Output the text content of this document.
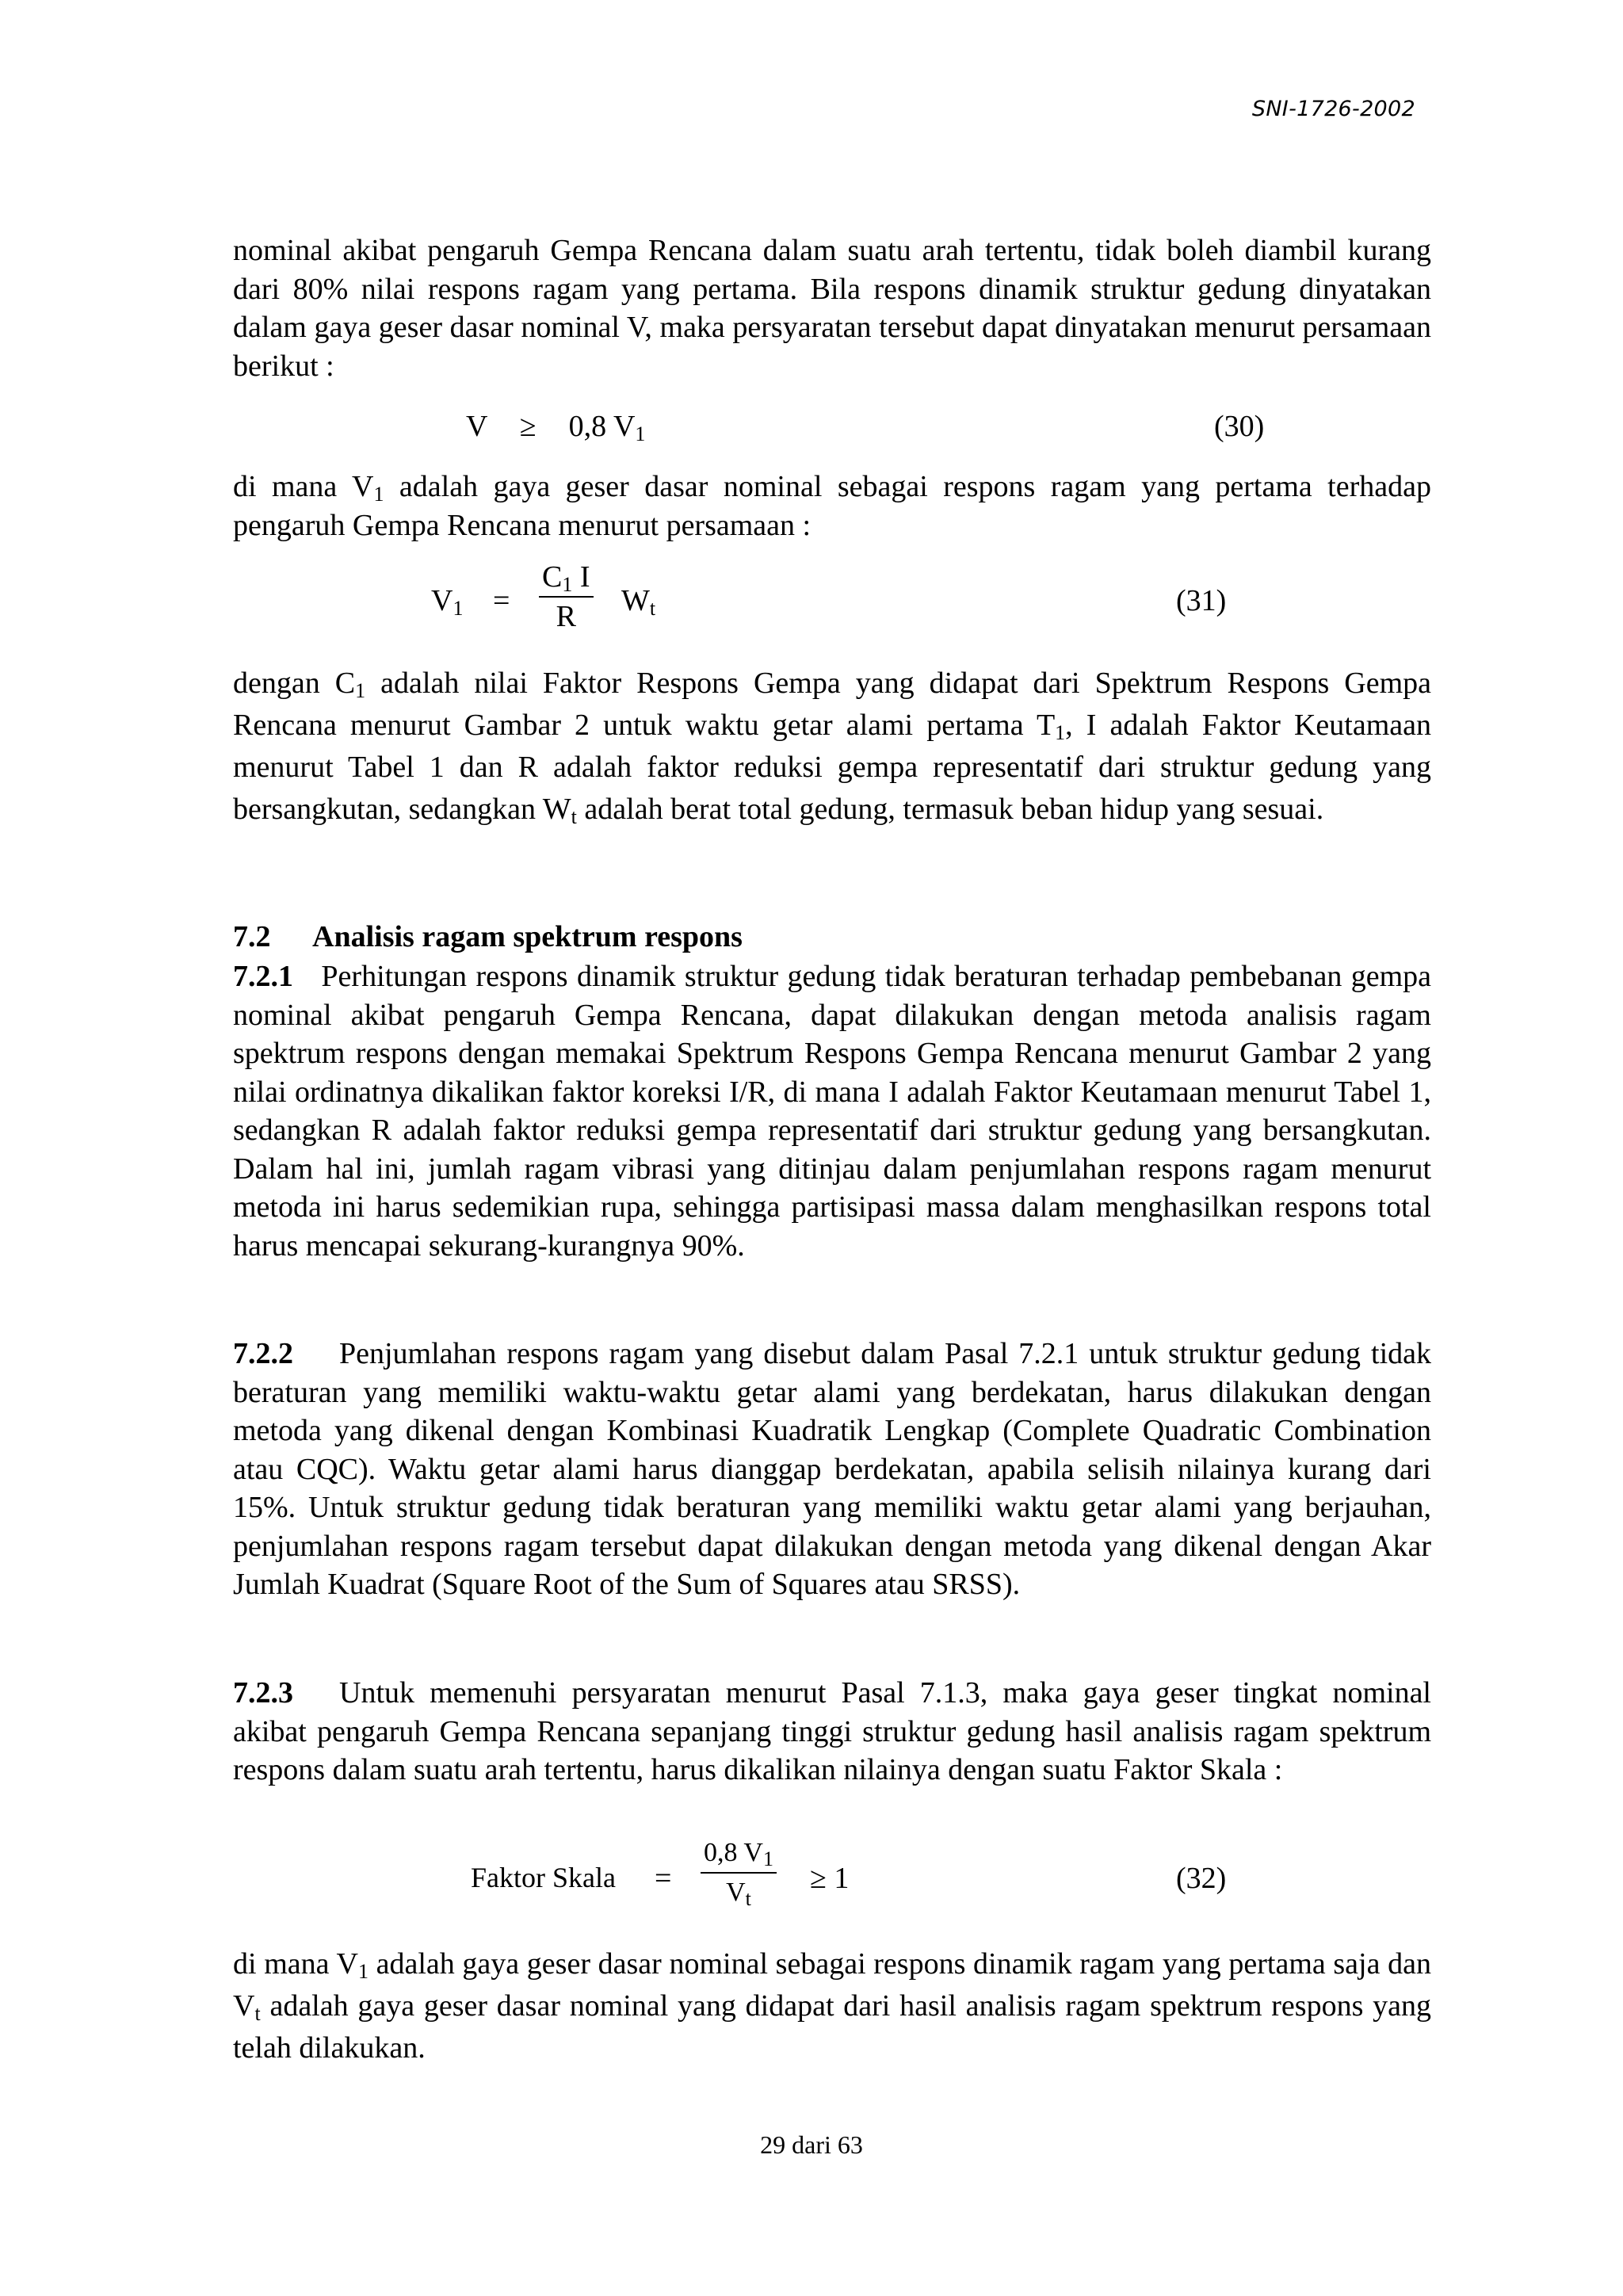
SNI-1726-2002

nominal akibat pengaruh Gempa Rencana dalam suatu arah tertentu, tidak boleh diambil kurang dari 80% nilai respons ragam yang pertama. Bila respons dinamik struktur gedung dinyatakan dalam gaya geser dasar nominal V, maka persyaratan tersebut dapat dinyatakan menurut persamaan berikut :

V ≥ 0,8 $V_1$	(30)

di mana $V_1$ adalah gaya geser dasar nominal sebagai respons ragam yang pertama terhadap pengaruh Gempa Rencana menurut persamaan :

$V_1 = \frac{C_1 I}{R} W_t$	(31)

dengan $C_1$ adalah nilai Faktor Respons Gempa yang didapat dari Spektrum Respons Gempa Rencana menurut Gambar 2 untuk waktu getar alami pertama $T_1$, I adalah Faktor Keutamaan menurut Tabel 1 dan R adalah faktor reduksi gempa representatif dari struktur gedung yang bersangkutan, sedangkan $W_t$ adalah berat total gedung, termasuk beban hidup yang sesuai.

7.2 Analisis ragam spektrum respons

7.2.1 Perhitungan respons dinamik struktur gedung tidak beraturan terhadap pembebanan gempa nominal akibat pengaruh Gempa Rencana, dapat dilakukan dengan metoda analisis ragam spektrum respons dengan memakai Spektrum Respons Gempa Rencana menurut Gambar 2 yang nilai ordinatnya dikalikan faktor koreksi I/R, di mana I adalah Faktor Keutamaan menurut Tabel 1, sedangkan R adalah faktor reduksi gempa representatif dari struktur gedung yang bersangkutan. Dalam hal ini, jumlah ragam vibrasi yang ditinjau dalam penjumlahan respons ragam menurut metoda ini harus sedemikian rupa, sehingga partisipasi massa dalam menghasilkan respons total harus mencapai sekurang-kurangnya 90%.

7.2.2 Penjumlahan respons ragam yang disebut dalam Pasal 7.2.1 untuk struktur gedung tidak beraturan yang memiliki waktu-waktu getar alami yang berdekatan, harus dilakukan dengan metoda yang dikenal dengan Kombinasi Kuadratik Lengkap (Complete Quadratic Combination atau CQC). Waktu getar alami harus dianggap berdekatan, apabila selisih nilainya kurang dari 15%. Untuk struktur gedung tidak beraturan yang memiliki waktu getar alami yang berjauhan, penjumlahan respons ragam tersebut dapat dilakukan dengan metoda yang dikenal dengan Akar Jumlah Kuadrat (Square Root of the Sum of Squares atau SRSS).

7.2.3 Untuk memenuhi persyaratan menurut Pasal 7.1.3, maka gaya geser tingkat nominal akibat pengaruh Gempa Rencana sepanjang tinggi struktur gedung hasil analisis ragam spektrum respons dalam suatu arah tertentu, harus dikalikan nilainya dengan suatu Faktor Skala :

Faktor Skala = $\frac{0,8 V_1}{V_t} \ge 1$	(32)

di mana $V_1$ adalah gaya geser dasar nominal sebagai respons dinamik ragam yang pertama saja dan $V_t$ adalah gaya geser dasar nominal yang didapat dari hasil analisis ragam spektrum respons yang telah dilakukan.

29 dari 63
